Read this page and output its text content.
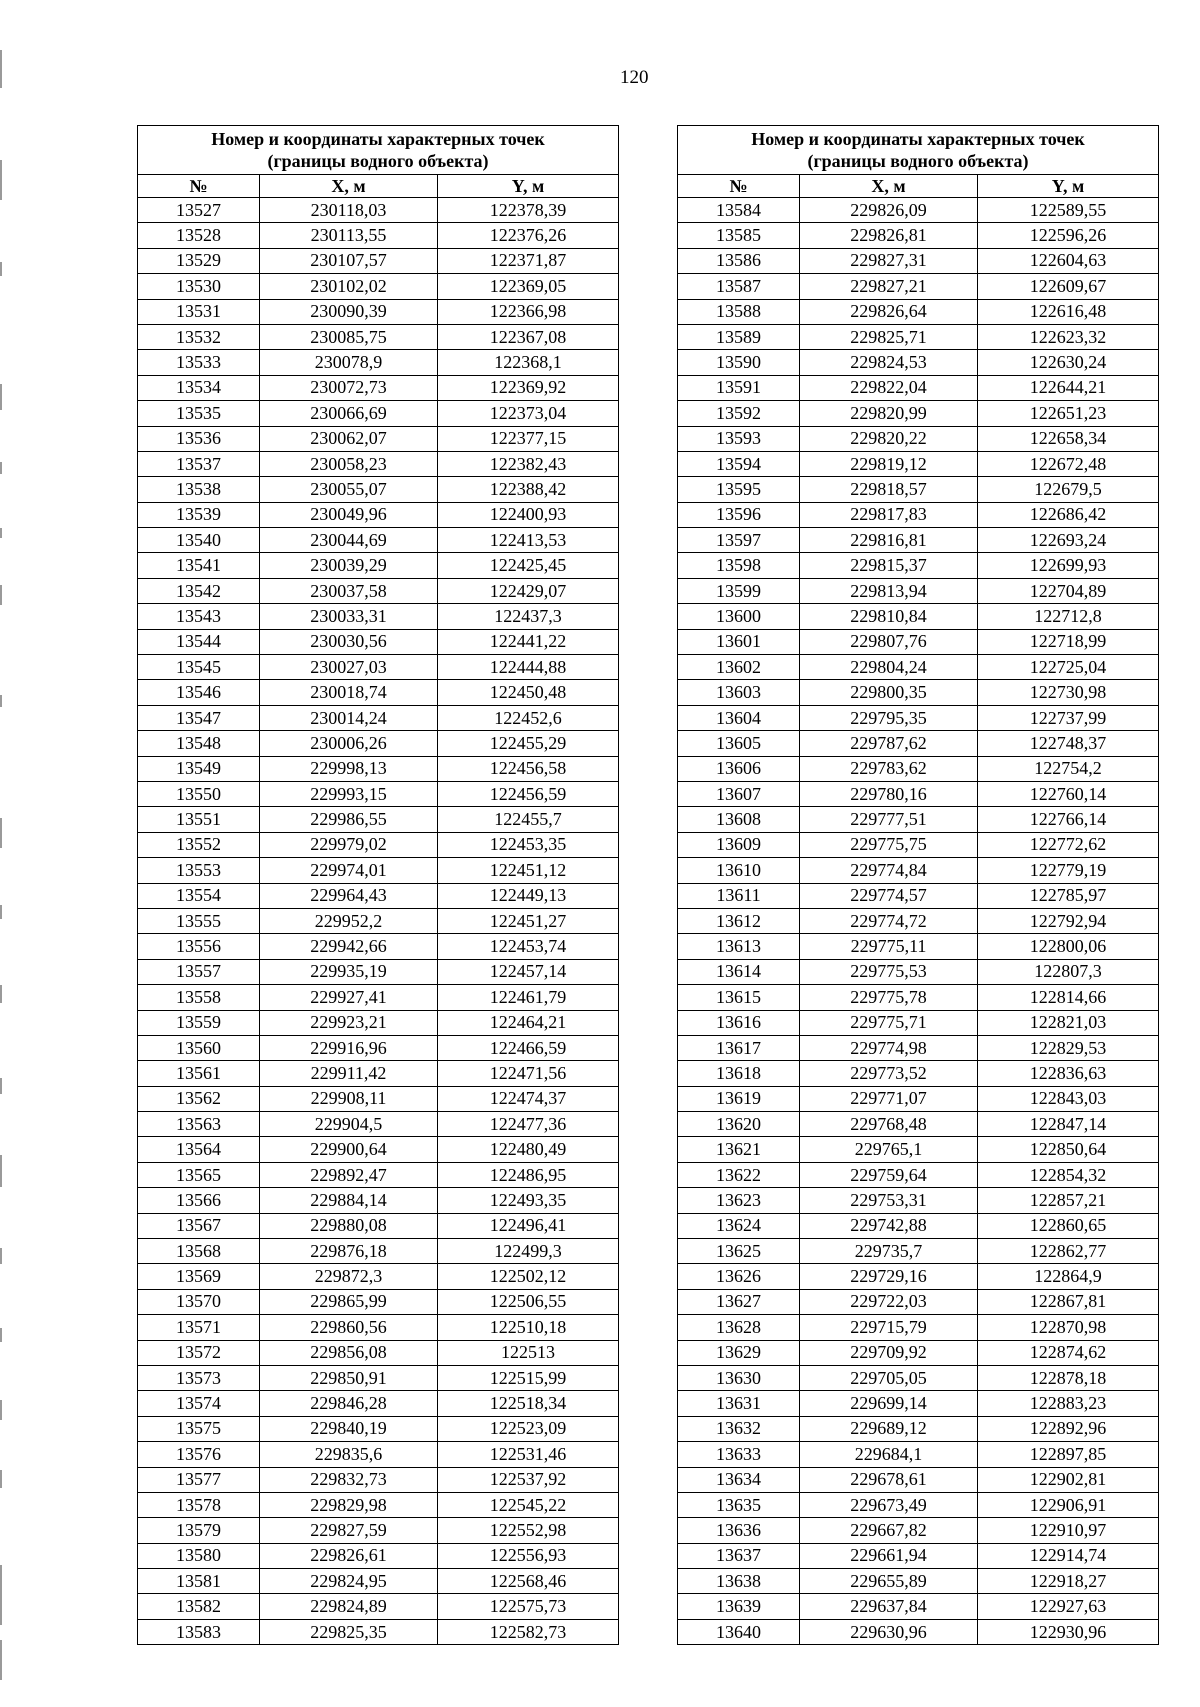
120
Номер и координаты характерных точек
(границы водного объекта)		
№	X, м	Y, м
13527	230118,03	122378,39
13528	230113,55	122376,26
13529	230107,57	122371,87
13530	230102,02	122369,05
13531	230090,39	122366,98
13532	230085,75	122367,08
13533	230078,9	122368,1
13534	230072,73	122369,92
13535	230066,69	122373,04
13536	230062,07	122377,15
13537	230058,23	122382,43
13538	230055,07	122388,42
13539	230049,96	122400,93
13540	230044,69	122413,53
13541	230039,29	122425,45
13542	230037,58	122429,07
13543	230033,31	122437,3
13544	230030,56	122441,22
13545	230027,03	122444,88
13546	230018,74	122450,48
13547	230014,24	122452,6
13548	230006,26	122455,29
13549	229998,13	122456,58
13550	229993,15	122456,59
13551	229986,55	122455,7
13552	229979,02	122453,35
13553	229974,01	122451,12
13554	229964,43	122449,13
13555	229952,2	122451,27
13556	229942,66	122453,74
13557	229935,19	122457,14
13558	229927,41	122461,79
13559	229923,21	122464,21
13560	229916,96	122466,59
13561	229911,42	122471,56
13562	229908,11	122474,37
13563	229904,5	122477,36
13564	229900,64	122480,49
13565	229892,47	122486,95
13566	229884,14	122493,35
13567	229880,08	122496,41
13568	229876,18	122499,3
13569	229872,3	122502,12
13570	229865,99	122506,55
13571	229860,56	122510,18
13572	229856,08	122513
13573	229850,91	122515,99
13574	229846,28	122518,34
13575	229840,19	122523,09
13576	229835,6	122531,46
13577	229832,73	122537,92
13578	229829,98	122545,22
13579	229827,59	122552,98
13580	229826,61	122556,93
13581	229824,95	122568,46
13582	229824,89	122575,73
13583	229825,35	122582,73
Номер и координаты характерных точек
(границы водного объекта)		
№	X, м	Y, м
13584	229826,09	122589,55
13585	229826,81	122596,26
13586	229827,31	122604,63
13587	229827,21	122609,67
13588	229826,64	122616,48
13589	229825,71	122623,32
13590	229824,53	122630,24
13591	229822,04	122644,21
13592	229820,99	122651,23
13593	229820,22	122658,34
13594	229819,12	122672,48
13595	229818,57	122679,5
13596	229817,83	122686,42
13597	229816,81	122693,24
13598	229815,37	122699,93
13599	229813,94	122704,89
13600	229810,84	122712,8
13601	229807,76	122718,99
13602	229804,24	122725,04
13603	229800,35	122730,98
13604	229795,35	122737,99
13605	229787,62	122748,37
13606	229783,62	122754,2
13607	229780,16	122760,14
13608	229777,51	122766,14
13609	229775,75	122772,62
13610	229774,84	122779,19
13611	229774,57	122785,97
13612	229774,72	122792,94
13613	229775,11	122800,06
13614	229775,53	122807,3
13615	229775,78	122814,66
13616	229775,71	122821,03
13617	229774,98	122829,53
13618	229773,52	122836,63
13619	229771,07	122843,03
13620	229768,48	122847,14
13621	229765,1	122850,64
13622	229759,64	122854,32
13623	229753,31	122857,21
13624	229742,88	122860,65
13625	229735,7	122862,77
13626	229729,16	122864,9
13627	229722,03	122867,81
13628	229715,79	122870,98
13629	229709,92	122874,62
13630	229705,05	122878,18
13631	229699,14	122883,23
13632	229689,12	122892,96
13633	229684,1	122897,85
13634	229678,61	122902,81
13635	229673,49	122906,91
13636	229667,82	122910,97
13637	229661,94	122914,74
13638	229655,89	122918,27
13639	229637,84	122927,63
13640	229630,96	122930,96
